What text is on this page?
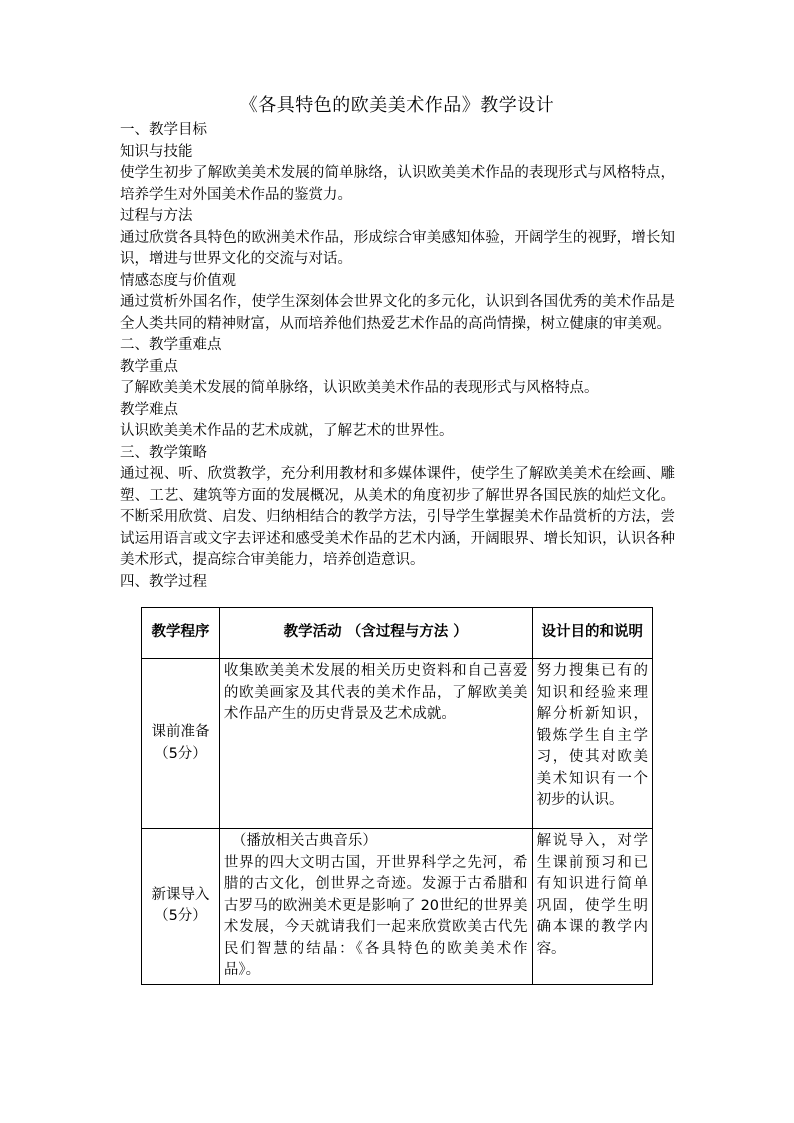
《各具特色的欧美美术作品》教学设计

一、教学目标

知识与技能

使学生初步了解欧美美术发展的简单脉络，认识欧美美术作品的表现形式与风格特点，培养学生对外国美术作品的鉴赏力。

过程与方法

通过欣赏各具特色的欧洲美术作品，形成综合审美感知体验，开阔学生的视野，增长知识，增进与世界文化的交流与对话。

情感态度与价值观

通过赏析外国名作，使学生深刻体会世界文化的多元化，认识到各国优秀的美术作品是全人类共同的精神财富，从而培养他们热爱艺术作品的高尚情操，树立健康的审美观。

二、教学重难点

教学重点

了解欧美美术发展的简单脉络，认识欧美美术作品的表现形式与风格特点。

教学难点

认识欧美美术作品的艺术成就，了解艺术的世界性。

三、教学策略

通过视、听、欣赏教学，充分利用教材和多媒体课件，使学生了解欧美美术在绘画、雕塑、工艺、建筑等方面的发展概况，从美术的角度初步了解世界各国民族的灿烂文化。不断采用欣赏、启发、归纳相结合的教学方法，引导学生掌握美术作品赏析的方法，尝试运用语言或文字去评述和感受美术作品的艺术内涵，开阔眼界、增长知识，认识各种美术形式，提高综合审美能力，培养创造意识。

四、教学过程

教学程序	教学活动 （含过程与方法 ）	设计目的和说明
课前准备（5分）	收集欧美美术发展的相关历史资料和自己喜爱的欧美画家及其代表的美术作品，了解欧美美术作品产生的历史背景及艺术成就。	努力搜集已有的知识和经验来理解分析新知识，锻炼学生自主学习，使其对欧美美术知识有一个初步的认识。
新课导入（5分）	（播放相关古典音乐）
世界的四大文明古国，开世界科学之先河，希腊的古文化，创世界之奇迹。发源于古希腊和古罗马的欧洲美术更是影响了 20世纪的世界美术发展，今天就请我们一起来欣赏欧美古代先民们智慧的结晶：《各具特色的欧美美术作品》。	解说导入，对学生课前预习和已有知识进行简单巩固，使学生明确本课的教学内容。
